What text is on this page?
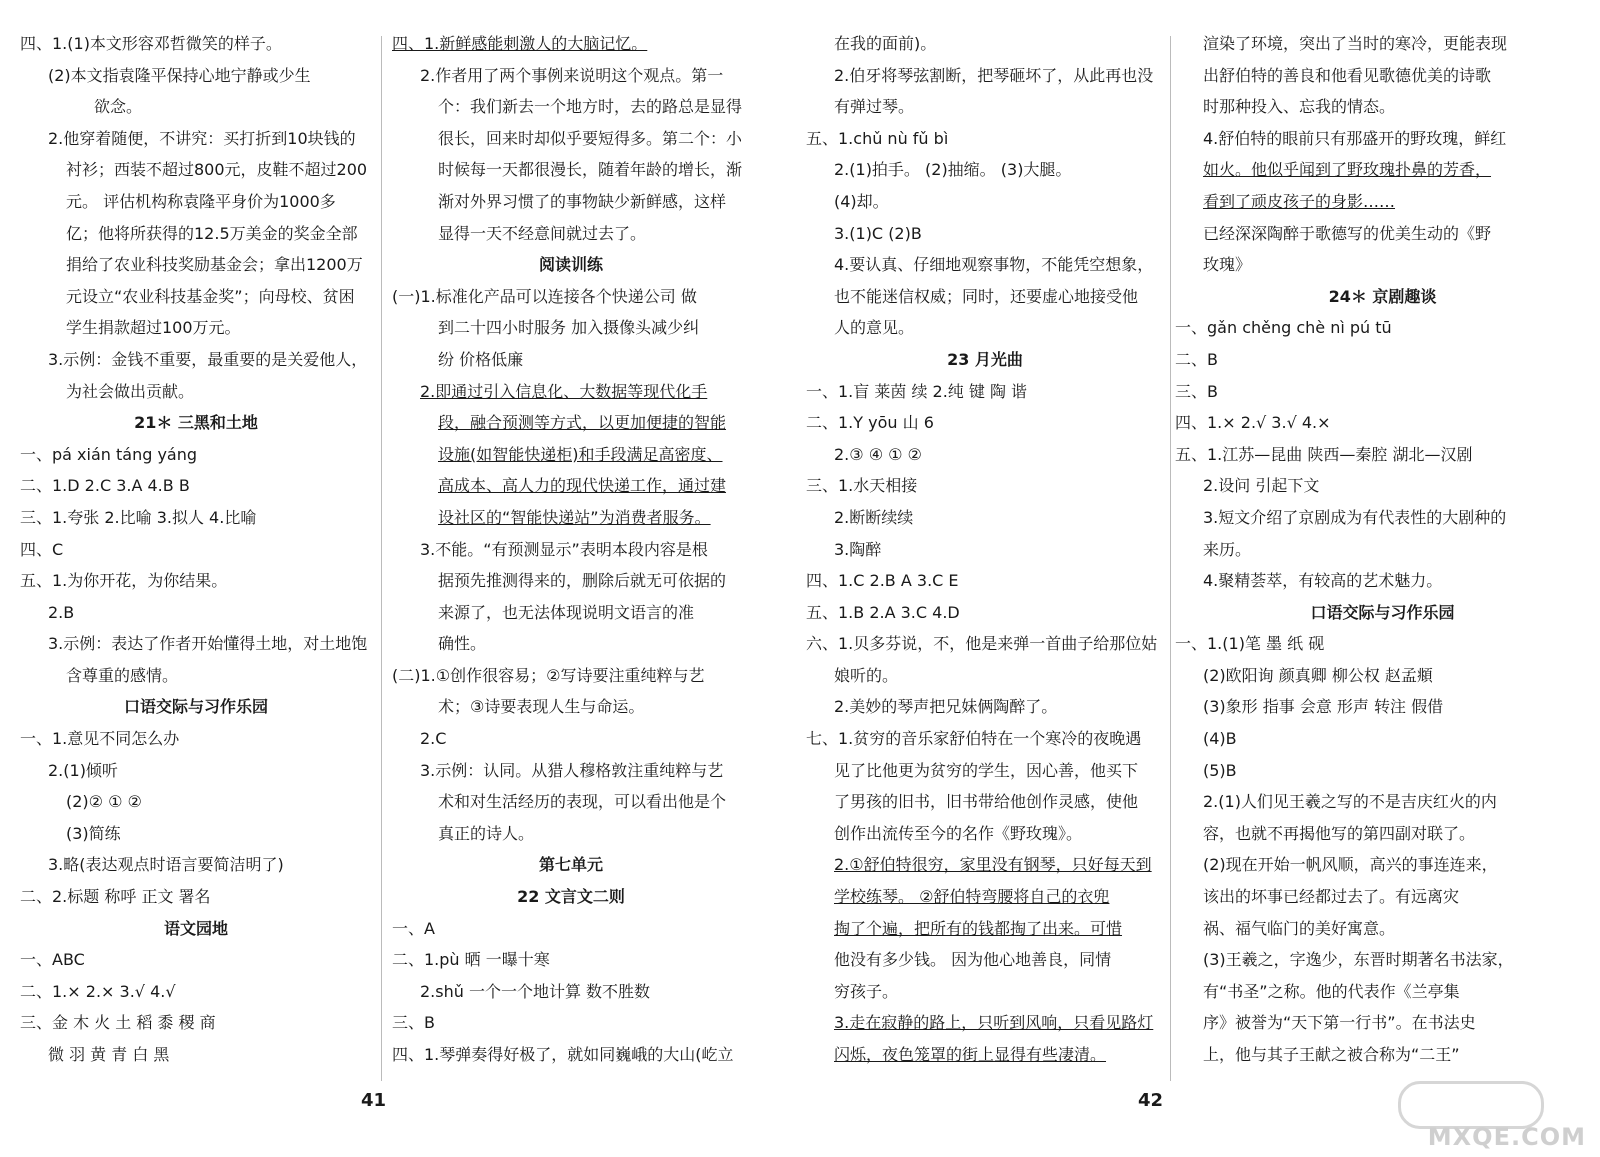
四、1.(1)本文形容邓哲微笑的样子。
(2)本文指袁隆平保持心地宁静或少生
欲念。
2.他穿着随便，不讲究：买打折到10块钱的
衬衫；西装不超过800元，皮鞋不超过200
元。 评估机构称袁隆平身价为1000多
亿；他将所获得的12.5万美金的奖金全部
捐给了农业科技奖励基金会；拿出1200万
元设立“农业科技基金奖”；向母校、贫困
学生捐款超过100万元。
3.示例：金钱不重要，最重要的是关爱他人，
为社会做出贡献。
21＊ 三黑和土地
一、pá xián táng yáng
二、1.D 2.C 3.A 4.B B
三、1.夸张 2.比喻 3.拟人 4.比喻
四、C
五、1.为你开花，为你结果。
2.B
3.示例：表达了作者开始懂得土地，对土地饱
含尊重的感情。
口语交际与习作乐园
一、1.意见不同怎么办
2.(1)倾听
(2)② ① ②
(3)简练
3.略(表达观点时语言要简洁明了)
二、2.标题 称呼 正文 署名
语文园地
一、ABC
二、1.× 2.× 3.√ 4.√
三、金 木 火 土 稻 黍 稷 商
微 羽 黄 青 白 黑
四、1.新鲜感能刺激人的大脑记忆。
2.作者用了两个事例来说明这个观点。第一
个：我们新去一个地方时，去的路总是显得
很长，回来时却似乎要短得多。第二个：小
时候每一天都很漫长，随着年龄的增长，渐
渐对外界习惯了的事物缺少新鲜感，这样
显得一天不经意间就过去了。
阅读训练
(一)1.标准化产品可以连接各个快递公司 做
到二十四小时服务 加入摄像头减少纠
纷 价格低廉
2.即通过引入信息化、大数据等现代化手
段，融合预测等方式，以更加便捷的智能
设施(如智能快递柜)和手段满足高密度、
高成本、高人力的现代快递工作，通过建
设社区的“智能快递站”为消费者服务。
3.不能。“有预测显示”表明本段内容是根
据预先推测得来的，删除后就无可依据的
来源了，也无法体现说明文语言的准
确性。
(二)1.①创作很容易；②写诗要注重纯粹与艺
术；③诗要表现人生与命运。
2.C
3.示例：认同。从猎人穆格敦注重纯粹与艺
术和对生活经历的表现，可以看出他是个
真正的诗人。
第七单元
22 文言文二则
一、A
二、1.pù 晒 一曝十寒
2.shǔ 一个一个地计算 数不胜数
三、B
四、1.琴弹奏得好极了，就如同巍峨的大山(屹立
在我的面前)。
2.伯牙将琴弦割断，把琴砸坏了，从此再也没
有弹过琴。
五、1.chǔ nù fǔ bì
2.(1)拍手。 (2)抽缩。 (3)大腿。
(4)却。
3.(1)C (2)B
4.要认真、仔细地观察事物，不能凭空想象，
也不能迷信权威；同时，还要虚心地接受他
人的意见。
23 月光曲
一、1.盲 莱茵 续 2.纯 键 陶 谐
二、1.Y yōu 山 6
2.③ ④ ① ②
三、1.水天相接
2.断断续续
3.陶醉
四、1.C 2.B A 3.C E
五、1.B 2.A 3.C 4.D
六、1.贝多芬说，不，他是来弹一首曲子给那位姑
娘听的。
2.美妙的琴声把兄妹俩陶醉了。
七、1.贫穷的音乐家舒伯特在一个寒冷的夜晚遇
见了比他更为贫穷的学生，因心善，他买下
了男孩的旧书，旧书带给他创作灵感，使他
创作出流传至今的名作《野玫瑰》。
2.①舒伯特很穷，家里没有钢琴，只好每天到
学校练琴。 ②舒伯特弯腰将自己的衣兜
掏了个遍，把所有的钱都掏了出来。可惜
他没有多少钱。 因为他心地善良，同情
穷孩子。
3.走在寂静的路上，只听到风响，只看见路灯
闪烁，夜色笼罩的街上显得有些凄清。
渲染了环境，突出了当时的寒冷，更能表现
出舒伯特的善良和他看见歌德优美的诗歌
时那种投入、忘我的情态。
4.舒伯特的眼前只有那盛开的野玫瑰，鲜红
如火。他似乎闻到了野玫瑰扑鼻的芳香，
看到了顽皮孩子的身影……
已经深深陶醉于歌德写的优美生动的《野
玫瑰》
24＊ 京剧趣谈
一、gǎn chěng chè nì pú tū
二、B
三、B
四、1.× 2.√ 3.√ 4.×
五、1.江苏—昆曲 陕西—秦腔 湖北—汉剧
2.设问 引起下文
3.短文介绍了京剧成为有代表性的大剧种的
来历。
4.聚精荟萃，有较高的艺术魅力。
口语交际与习作乐园
一、1.(1)笔 墨 纸 砚
(2)欧阳询 颜真卿 柳公权 赵孟頫
(3)象形 指事 会意 形声 转注 假借
(4)B
(5)B
2.(1)人们见王羲之写的不是吉庆红火的内
容，也就不再揭他写的第四副对联了。
(2)现在开始一帆风顺，高兴的事连连来，
该出的坏事已经都过去了。有远离灾
祸、福气临门的美好寓意。
(3)王羲之，字逸少，东晋时期著名书法家，
有“书圣”之称。他的代表作《兰亭集
序》被誉为“天下第一行书”。在书法史
上，他与其子王献之被合称为“二王”
41	42
MXQE.COM
